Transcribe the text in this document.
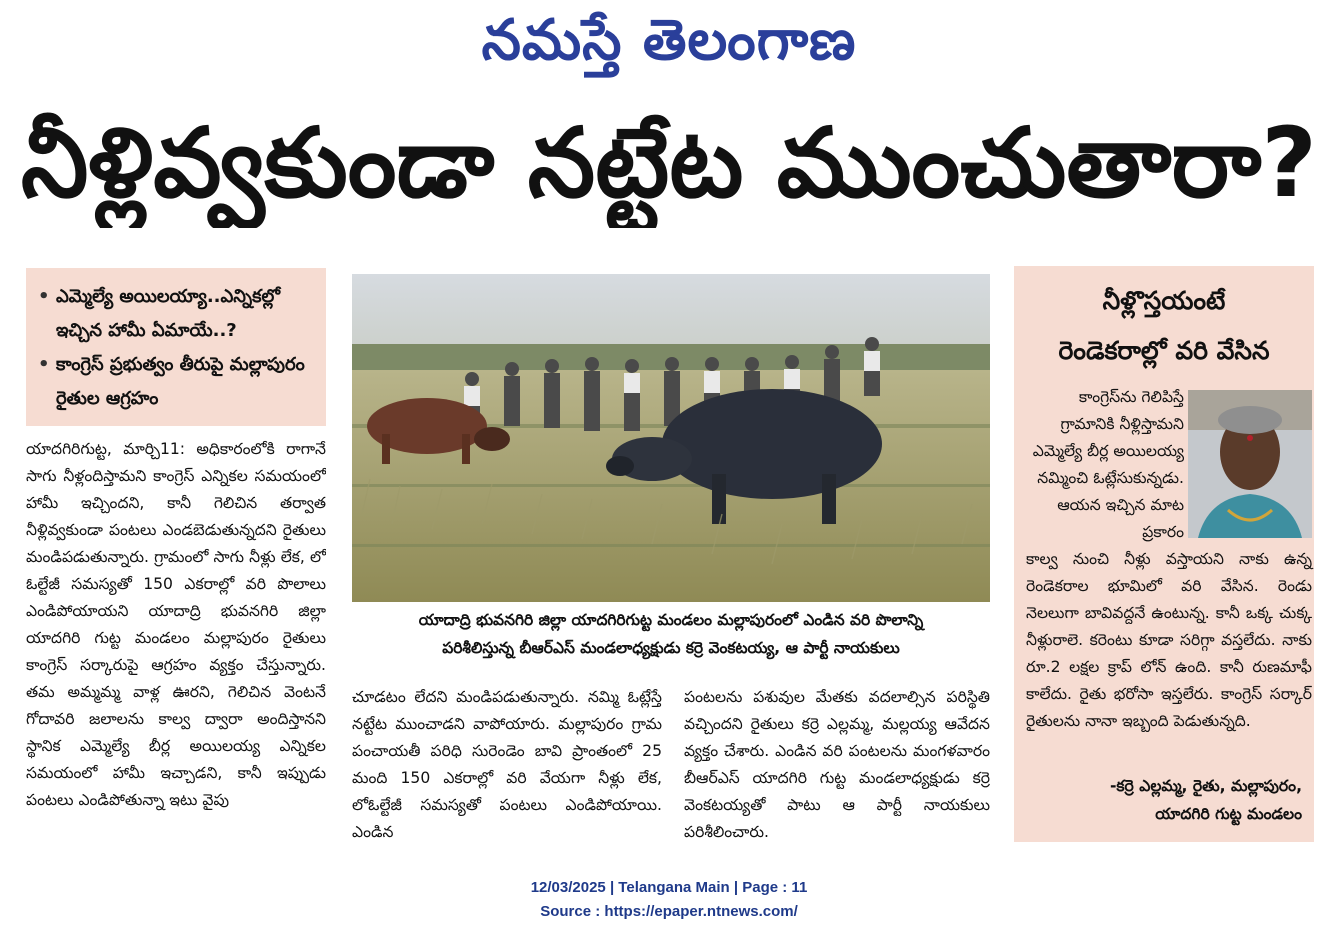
నమస్తే తెలంగాణ
నీళ్లివ్వకుండా నట్టేట ముంచుతారా?
• ఎమ్మెల్యే అయిలయ్యా..ఎన్నికల్లో ఇచ్చిన హామీ ఏమాయే..?
• కాంగ్రెస్ ప్రభుత్వం తీరుపై మల్లాపురం రైతుల ఆగ్రహం

యాదగిరిగుట్ట, మార్చి11: అధికారంలోకి రాగానే సాగు నీళ్లందిస్తామని కాంగ్రెస్ ఎన్నికల సమయంలో హామీ ఇచ్చిందని, కానీ గెలిచిన తర్వాత నీళ్లివ్వకుండా పంటలు ఎండబెడుతున్నదని రైతులు మండిపడుతున్నారు. గ్రామంలో సాగు నీళ్లు లేక, లో ఓల్టేజీ సమస్యతో 150 ఎకరాల్లో వరి పొలాలు ఎండిపోయాయని యాదాద్రి భువనగిరి జిల్లా యాదగిరి గుట్ట మండలం మల్లాపురం రైతులు కాంగ్రెస్ సర్కారుపై ఆగ్రహం వ్యక్తం చేస్తున్నారు. తమ అమ్మమ్మ వాళ్ల ఊరని, గెలిచిన వెంటనే గోదావరి జలాలను కాల్వ ద్వారా అందిస్తానని స్థానిక ఎమ్మెల్యే బీర్ల అయిలయ్య ఎన్నికల సమయంలో హామీ ఇచ్చాడని, కానీ ఇప్పుడు పంటలు ఎండిపోతున్నా ఇటు వైపు

యాదాద్రి భువనగిరి జిల్లా యాదగిరిగుట్ట మండలం మల్లాపురంలో ఎండిన వరి పొలాన్ని
పరిశీలిస్తున్న బీఆర్ఎస్ మండలాధ్యక్షుడు కర్రె వెంకటయ్య, ఆ పార్టీ నాయకులు

చూడటం లేదని మండిపడుతున్నారు. నమ్మి ఓట్లేస్తే నట్టేట ముంచాడని వాపోయారు. మల్లాపురం గ్రామ పంచాయతీ పరిధి సురెండెం బావి ప్రాంతంలో 25 మంది 150 ఎకరాల్లో వరి వేయగా నీళ్లు లేక, లోఓల్టేజీ సమస్యతో పంటలు ఎండిపోయాయి. ఎండిన

పంటలను పశువుల మేతకు వదలాల్సిన పరిస్థితి వచ్చిందని రైతులు కర్రె ఎల్లమ్మ, మల్లయ్య ఆవేదన వ్యక్తం చేశారు. ఎండిన వరి పంటలను మంగళవారం బీఆర్ఎస్ యాదగిరి గుట్ట మండలాధ్యక్షుడు కర్రె వెంకటయ్యతో పాటు ఆ పార్టీ నాయకులు పరిశీలించారు.

నీళ్లొస్తయంటే
రెండెకరాల్లో వరి వేసిన
కాంగ్రెస్‌ను గెలిపిస్తే గ్రామానికి నీళ్లిస్తామని ఎమ్మెల్యే బీర్ల అయిలయ్య నమ్మించి ఓట్లేసుకున్నడు. ఆయన ఇచ్చిన మాట ప్రకారం
కాల్వ నుంచి నీళ్లు వస్తాయని నాకు ఉన్న రెండెకరాల భూమిలో వరి వేసిన. రెండు నెలలుగా బావివద్దనే ఉంటున్న. కానీ ఒక్క చుక్క నీళ్లురాలె. కరెంటు కూడా సరిగ్గా వస్తలేదు. నాకు రూ.2 లక్షల క్రాప్ లోన్ ఉంది. కానీ రుణమాఫీ కాలేదు. రైతు భరోసా ఇస్తలేరు. కాంగ్రెస్ సర్కార్ రైతులను నానా ఇబ్బంది పెడుతున్నది.
-కర్రె ఎల్లమ్మ, రైతు, మల్లాపురం,
యాదగిరి గుట్ట మండలం
12/03/2025 | Telangana Main | Page : 11
Source : https://epaper.ntnews.com/
